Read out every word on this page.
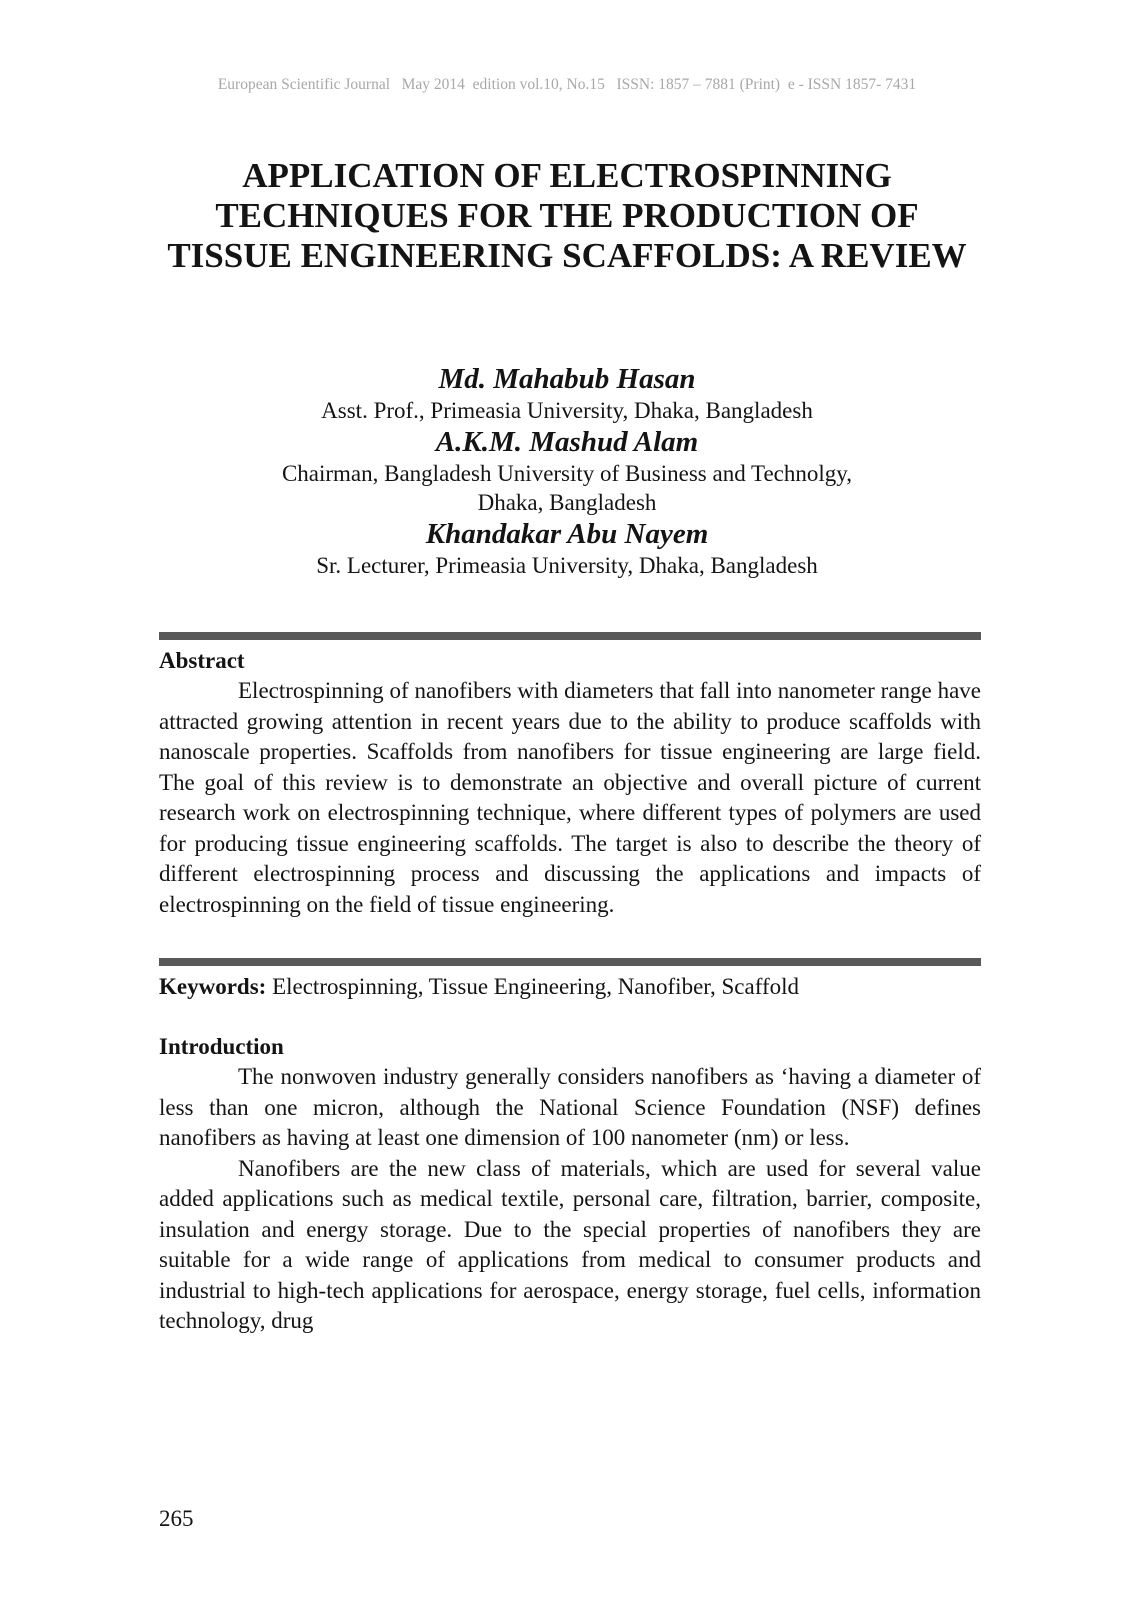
European Scientific Journal   May 2014  edition vol.10, No.15   ISSN: 1857 – 7881 (Print)  e - ISSN 1857- 7431
APPLICATION OF ELECTROSPINNING
TECHNIQUES FOR THE PRODUCTION OF
TISSUE ENGINEERING SCAFFOLDS: A REVIEW
Md. Mahabub Hasan
Asst. Prof., Primeasia University, Dhaka, Bangladesh
A.K.M. Mashud Alam
Chairman, Bangladesh University of Business and Technolgy,
Dhaka, Bangladesh
Khandakar Abu Nayem
Sr. Lecturer, Primeasia University, Dhaka, Bangladesh
Abstract

Electrospinning of nanofibers with diameters that fall into nanometer range have attracted growing attention in recent years due to the ability to produce scaffolds with nanoscale properties. Scaffolds from nanofibers for tissue engineering are large field. The goal of this review is to demonstrate an objective and overall picture of current research work on electrospinning technique, where different types of polymers are used for producing tissue engineering scaffolds. The target is also to describe the theory of different electrospinning process and discussing the applications and impacts of electrospinning on the field of tissue engineering.

Keywords: Electrospinning, Tissue Engineering, Nanofiber, Scaffold
Introduction

The nonwoven industry generally considers nanofibers as ‘having a diameter of less than one micron, although the National Science Foundation (NSF) defines nanofibers as having at least one dimension of 100 nanometer (nm) or less.

Nanofibers are the new class of materials, which are used for several value added applications such as medical textile, personal care, filtration, barrier, composite, insulation and energy storage. Due to the special properties of nanofibers they are suitable for a wide range of applications from medical to consumer products and industrial to high-tech applications for aerospace, energy storage, fuel cells, information technology, drug

265
